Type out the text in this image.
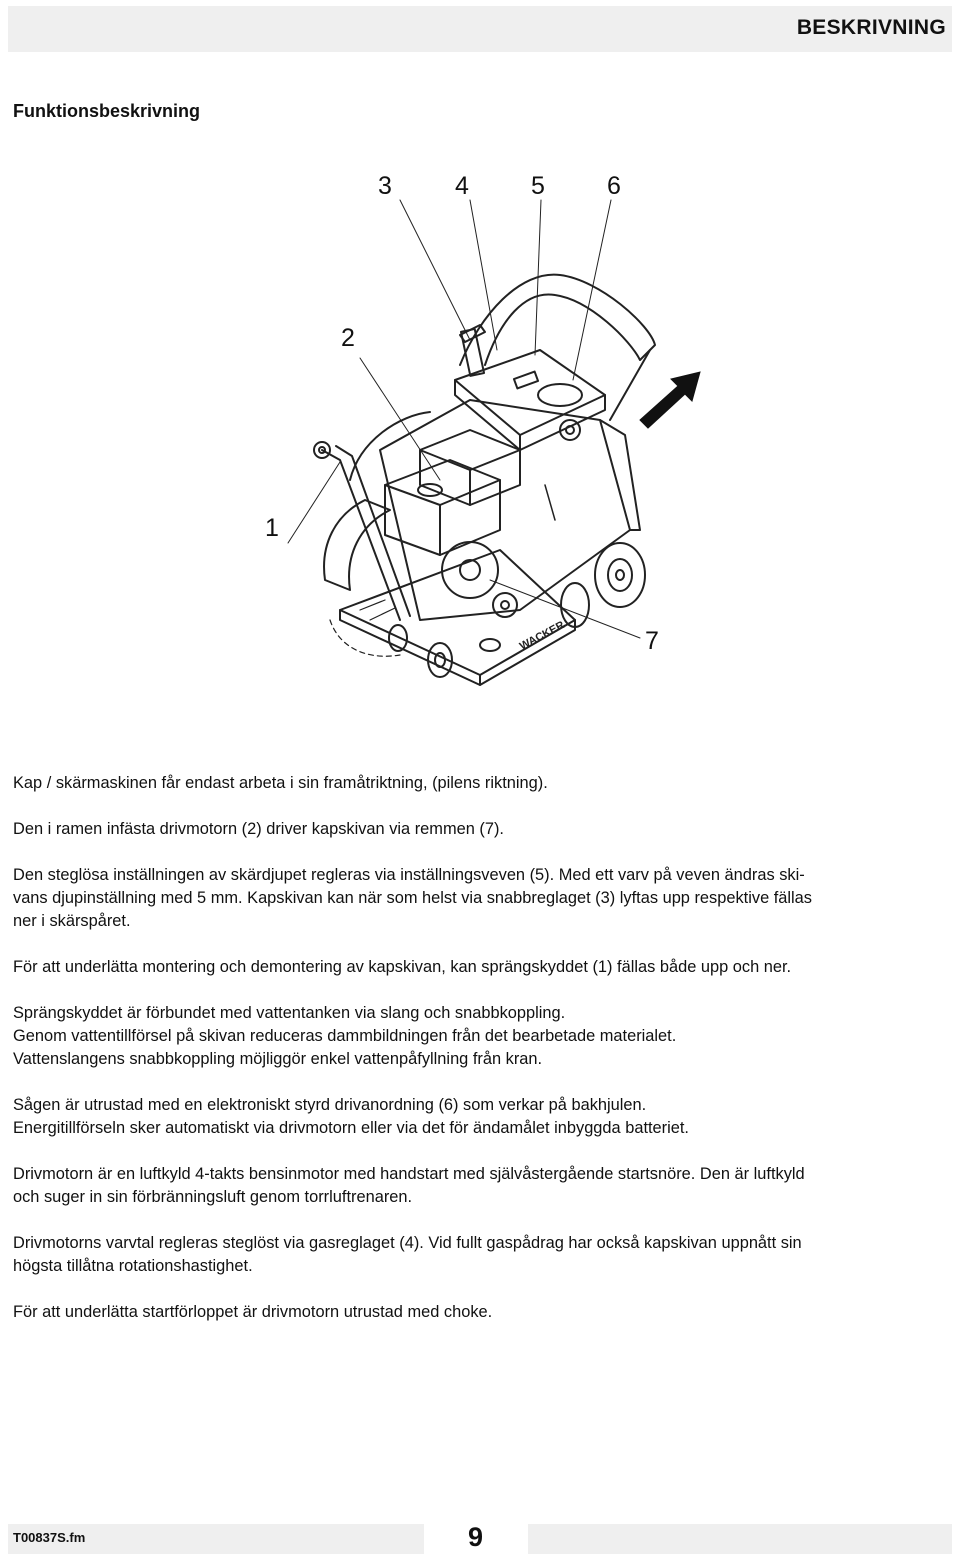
BESKRIVNING
Funktionsbeskrivning
WACKER
1
2
3	4 5 6
7

Kap / skärmaskinen får endast arbeta i sin framåtriktning, (pilens riktning).

Den i ramen infästa drivmotorn (2) driver kapskivan via remmen (7).

Den steglösa inställningen av skärdjupet regleras via inställningsveven (5). Med ett varv på veven ändras ski-

vans djupinställning med 5 mm. Kapskivan kan när som helst via snabbreglaget (3) lyftas upp respektive fällas

ner i skärspåret.

För att underlätta montering och demontering av kapskivan, kan sprängskyddet (1) fällas både upp och ner.

Sprängskyddet är förbundet med vattentanken via slang och snabbkoppling.

Genom vattentillförsel på skivan reduceras dammbildningen från det bearbetade materialet.

Vattenslangens snabbkoppling möjliggör enkel vattenpåfyllning från kran.

Sågen är utrustad med en elektroniskt styrd drivanordning (6) som verkar på bakhjulen.

Energitillförseln sker automatiskt via drivmotorn eller via det för ändamålet inbyggda batteriet.

Drivmotorn är en luftkyld 4-takts bensinmotor med handstart med självåstergående startsnöre. Den är luftkyld

och suger in sin förbränningsluft genom torrluftrenaren.

Drivmotorns varvtal regleras steglöst via gasreglaget (4). Vid fullt gaspådrag har också kapskivan uppnått sin

högsta tillåtna rotationshastighet.

För att underlätta startförloppet är drivmotorn utrustad med choke.

T00837S.fm	9
